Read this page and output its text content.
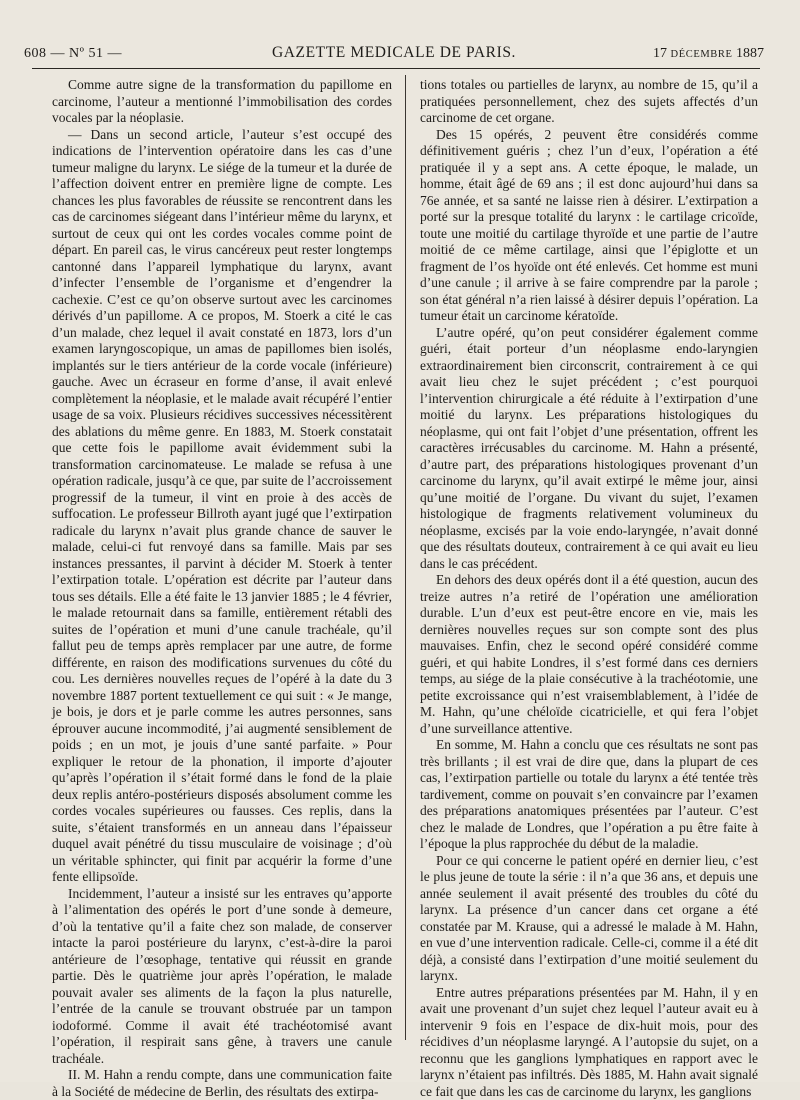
608 — Nº 51 —	GAZETTE MEDICALE DE PARIS.	17 DÉCEMBRE 1887

Comme autre signe de la transformation du papillome en carcinome, l’auteur a mentionné l’immobilisation des cordes vocales par la néoplasie.

— Dans un second article, l’auteur s’est occupé des indications de l’intervention opératoire dans les cas d’une tumeur maligne du larynx. Le siége de la tumeur et la durée de l’affection doivent entrer en première ligne de compte. Les chances les plus favorables de réussite se rencontrent dans les cas de carcinomes siégeant dans l’intérieur même du larynx, et surtout de ceux qui ont les cordes vocales comme point de départ. En pareil cas, le virus cancéreux peut rester longtemps cantonné dans l’appareil lymphatique du larynx, avant d’infecter l’ensemble de l’organisme et d’engendrer la cachexie. C’est ce qu’on observe surtout avec les carcinomes dérivés d’un papillome. A ce propos, M. Stoerk a cité le cas d’un malade, chez lequel il avait constaté en 1873, lors d’un examen laryngoscopique, un amas de papillomes bien isolés, implantés sur le tiers antérieur de la corde vocale (inférieure) gauche. Avec un écraseur en forme d’anse, il avait enlevé complètement la néoplasie, et le malade avait récupéré l’entier usage de sa voix. Plusieurs récidives successives nécessitèrent des ablations du même genre. En 1883, M. Stoerk constatait que cette fois le papillome avait évidemment subi la transformation carcinomateuse. Le malade se refusa à une opération radicale, jusqu’à ce que, par suite de l’accroissement progressif de la tumeur, il vint en proie à des accès de suffocation. Le professeur Billroth ayant jugé que l’extirpation radicale du larynx n’avait plus grande chance de sauver le malade, celui-ci fut renvoyé dans sa famille. Mais par ses instances pressantes, il parvint à décider M. Stoerk à tenter l’extirpation totale. L’opération est décrite par l’auteur dans tous ses détails. Elle a été faite le 13 janvier 1885 ; le 4 février, le malade retournait dans sa famille, entièrement rétabli des suites de l’opération et muni d’une canule trachéale, qu’il fallut peu de temps après remplacer par une autre, de forme différente, en raison des modifications survenues du côté du cou. Les dernières nouvelles reçues de l’opéré à la date du 3 novembre 1887 portent textuellement ce qui suit : « Je mange, je bois, je dors et je parle comme les autres personnes, sans éprouver aucune incommodité, j’ai augmenté sensiblement de poids ; en un mot, je jouis d’une santé parfaite. » Pour expliquer le retour de la phonation, il importe d’ajouter qu’après l’opération il s’était formé dans le fond de la plaie deux replis antéro-postérieurs disposés absolument comme les cordes vocales supérieures ou fausses. Ces replis, dans la suite, s’étaient transformés en un anneau dans l’épaisseur duquel avait pénétré du tissu musculaire de voisinage ; d’où un véritable sphincter, qui finit par acquérir la forme d’une fente ellipsoïde.

Incidemment, l’auteur a insisté sur les entraves qu’apporte à l’alimentation des opérés le port d’une sonde à demeure, d’où la tentative qu’il a faite chez son malade, de conserver intacte la paroi postérieure du larynx, c’est-à-dire la paroi antérieure de l’œsophage, tentative qui réussit en grande partie. Dès le quatrième jour après l’opération, le malade pouvait avaler ses aliments de la façon la plus naturelle, l’entrée de la canule se trouvant obstruée par un tampon iodoformé. Comme il avait été trachéotomisé avant l’opération, il respirait sans gêne, à travers une canule trachéale.

II. M. Hahn a rendu compte, dans une communication faite à la Société de médecine de Berlin, des résultats des extirpa-

tions totales ou partielles de larynx, au nombre de 15, qu’il a pratiquées personnellement, chez des sujets affectés d’un carcinome de cet organe.

Des 15 opérés, 2 peuvent être considérés comme définitivement guéris ; chez l’un d’eux, l’opération a été pratiquée il y a sept ans. A cette époque, le malade, un homme, était âgé de 69 ans ; il est donc aujourd’hui dans sa 76e année, et sa santé ne laisse rien à désirer. L’extirpation a porté sur la presque totalité du larynx : le cartilage cricoïde, toute une moitié du cartilage thyroïde et une partie de l’autre moitié de ce même cartilage, ainsi que l’épiglotte et un fragment de l’os hyoïde ont été enlevés. Cet homme est muni d’une canule ; il arrive à se faire comprendre par la parole ; son état général n’a rien laissé à désirer depuis l’opération. La tumeur était un carcinome kératoïde.

L’autre opéré, qu’on peut considérer également comme guéri, était porteur d’un néoplasme endo-laryngien extraordinairement bien circonscrit, contrairement à ce qui avait lieu chez le sujet précédent ; c’est pourquoi l’intervention chirurgicale a été réduite à l’extirpation d’une moitié du larynx. Les préparations histologiques du néoplasme, qui ont fait l’objet d’une présentation, offrent les caractères irrécusables du carcinome. M. Hahn a présenté, d’autre part, des préparations histologiques provenant d’un carcinome du larynx, qu’il avait extirpé le même jour, ainsi qu’une moitié de l’organe. Du vivant du sujet, l’examen histologique de fragments relativement volumineux du néoplasme, excisés par la voie endo-laryngée, n’avait donné que des résultats douteux, contrairement à ce qui avait eu lieu dans le cas précédent.

En dehors des deux opérés dont il a été question, aucun des treize autres n’a retiré de l’opération une amélioration durable. L’un d’eux est peut-être encore en vie, mais les dernières nouvelles reçues sur son compte sont des plus mauvaises. Enfin, chez le second opéré considéré comme guéri, et qui habite Londres, il s’est formé dans ces derniers temps, au siége de la plaie consécutive à la trachéotomie, une petite excroissance qui n’est vraisemblablement, à l’idée de M. Hahn, qu’une chéloïde cicatricielle, et qui fera l’objet d’une surveillance attentive.

En somme, M. Hahn a conclu que ces résultats ne sont pas très brillants ; il est vrai de dire que, dans la plupart de ces cas, l’extirpation partielle ou totale du larynx a été tentée très tardivement, comme on pouvait s’en convaincre par l’examen des préparations anatomiques présentées par l’auteur. C’est chez le malade de Londres, que l’opération a pu être faite à l’époque la plus rapprochée du début de la maladie.

Pour ce qui concerne le patient opéré en dernier lieu, c’est le plus jeune de toute la série : il n’a que 36 ans, et depuis une année seulement il avait présenté des troubles du côté du larynx. La présence d’un cancer dans cet organe a été constatée par M. Krause, qui a adressé le malade à M. Hahn, en vue d’une intervention radicale. Celle-ci, comme il a été dit déjà, a consisté dans l’extirpation d’une moitié seulement du larynx.

Entre autres préparations présentées par M. Hahn, il y en avait une provenant d’un sujet chez lequel l’auteur avait eu à intervenir 9 fois en l’espace de dix-huit mois, pour des récidives d’un néoplasme laryngé. A l’autopsie du sujet, on a reconnu que les ganglions lymphatiques en rapport avec le larynx n’étaient pas infiltrés. Dès 1885, M. Hahn avait signalé ce fait que dans les cas de carcinome du larynx, les ganglions
